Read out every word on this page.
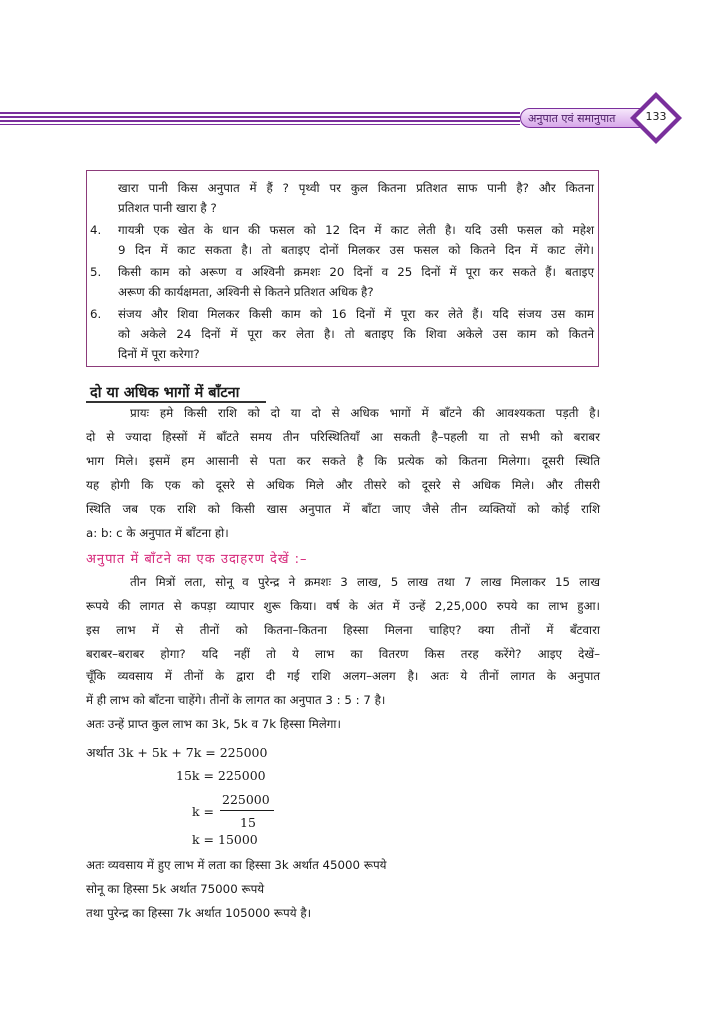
अनुपात एवं समानुपात	133
खारा पानी किस अनुपात में हैं ? पृथ्वी पर कुल कितना प्रतिशत साफ पानी है? और कितना
प्रतिशत पानी खारा है ?
4. गायत्री एक खेत के धान की फसल को 12 दिन में काट लेती है। यदि उसी फसल को महेश
9 दिन में काट सकता है। तो बताइए दोनों मिलकर उस फसल को कितने दिन में काट लेंगे।
5. किसी काम को अरूण व अश्विनी क्रमशः 20 दिनों व 25 दिनों में पूरा कर सकते हैं। बताइए
अरूण की कार्यक्षमता, अश्विनी से कितने प्रतिशत अधिक है?
6. संजय और शिवा मिलकर किसी काम को 16 दिनों में पूरा कर लेते हैं। यदि संजय उस काम
को अकेले 24 दिनों में पूरा कर लेता है। तो बताइए कि शिवा अकेले उस काम को कितने
दिनों में पूरा करेगा?
दो या अधिक भागों में बाँटना
प्रायः हमे किसी राशि को दो या दो से अधिक भागों में बाँटने की आवश्यकता पड़ती है।
दो से ज्यादा हिस्सों में बाँटते समय तीन परिस्थितियाँ आ सकती है–पहली या तो सभी को बराबर
भाग मिले। इसमें हम आसानी से पता कर सकते है कि प्रत्येक को कितना मिलेगा। दूसरी स्थिति
यह होगी कि एक को दूसरे से अधिक मिले और तीसरे को दूसरे से अधिक मिले। और तीसरी
स्थिति जब एक राशि को किसी खास अनुपात में बाँटा जाए जैसे तीन व्यक्तियों को कोई राशि
a: b: c के अनुपात में बाँटना हो।
अनुपात में बाँटने का एक उदाहरण देखें :–
तीन मित्रों लता, सोनू व पुरेन्द्र ने क्रमशः 3 लाख, 5 लाख तथा 7 लाख मिलाकर 15 लाख
रूपये की लागत से कपड़ा व्यापार शुरू किया। वर्ष के अंत में उन्हें 2,25,000 रुपये का लाभ हुआ।
इस लाभ में से तीनों को कितना–कितना हिस्सा मिलना चाहिए? क्या तीनों में बँटवारा
बराबर–बराबर होगा? यदि नहीं तो ये लाभ का वितरण किस तरह करेंगे? आइए देखें–
चूँकि व्यवसाय में तीनों के द्वारा दी गई राशि अलग–अलग है। अतः ये तीनों लागत के अनुपात
में ही लाभ को बाँटना चाहेंगे। तीनों के लागत का अनुपात 3 : 5 : 7 है।
अतः उन्हें प्राप्त कुल लाभ का 3k, 5k व 7k हिस्सा मिलेगा।
अर्थात 3k + 5k + 7k = 225000
15k = 225000
k =
225000
15
k = 15000
अतः व्यवसाय में हुए लाभ में लता का हिस्सा 3k अर्थात 45000 रूपये
सोनू का हिस्सा 5k अर्थात 75000 रूपये
तथा पुरेन्द्र का हिस्सा 7k अर्थात 105000 रूपये है।
